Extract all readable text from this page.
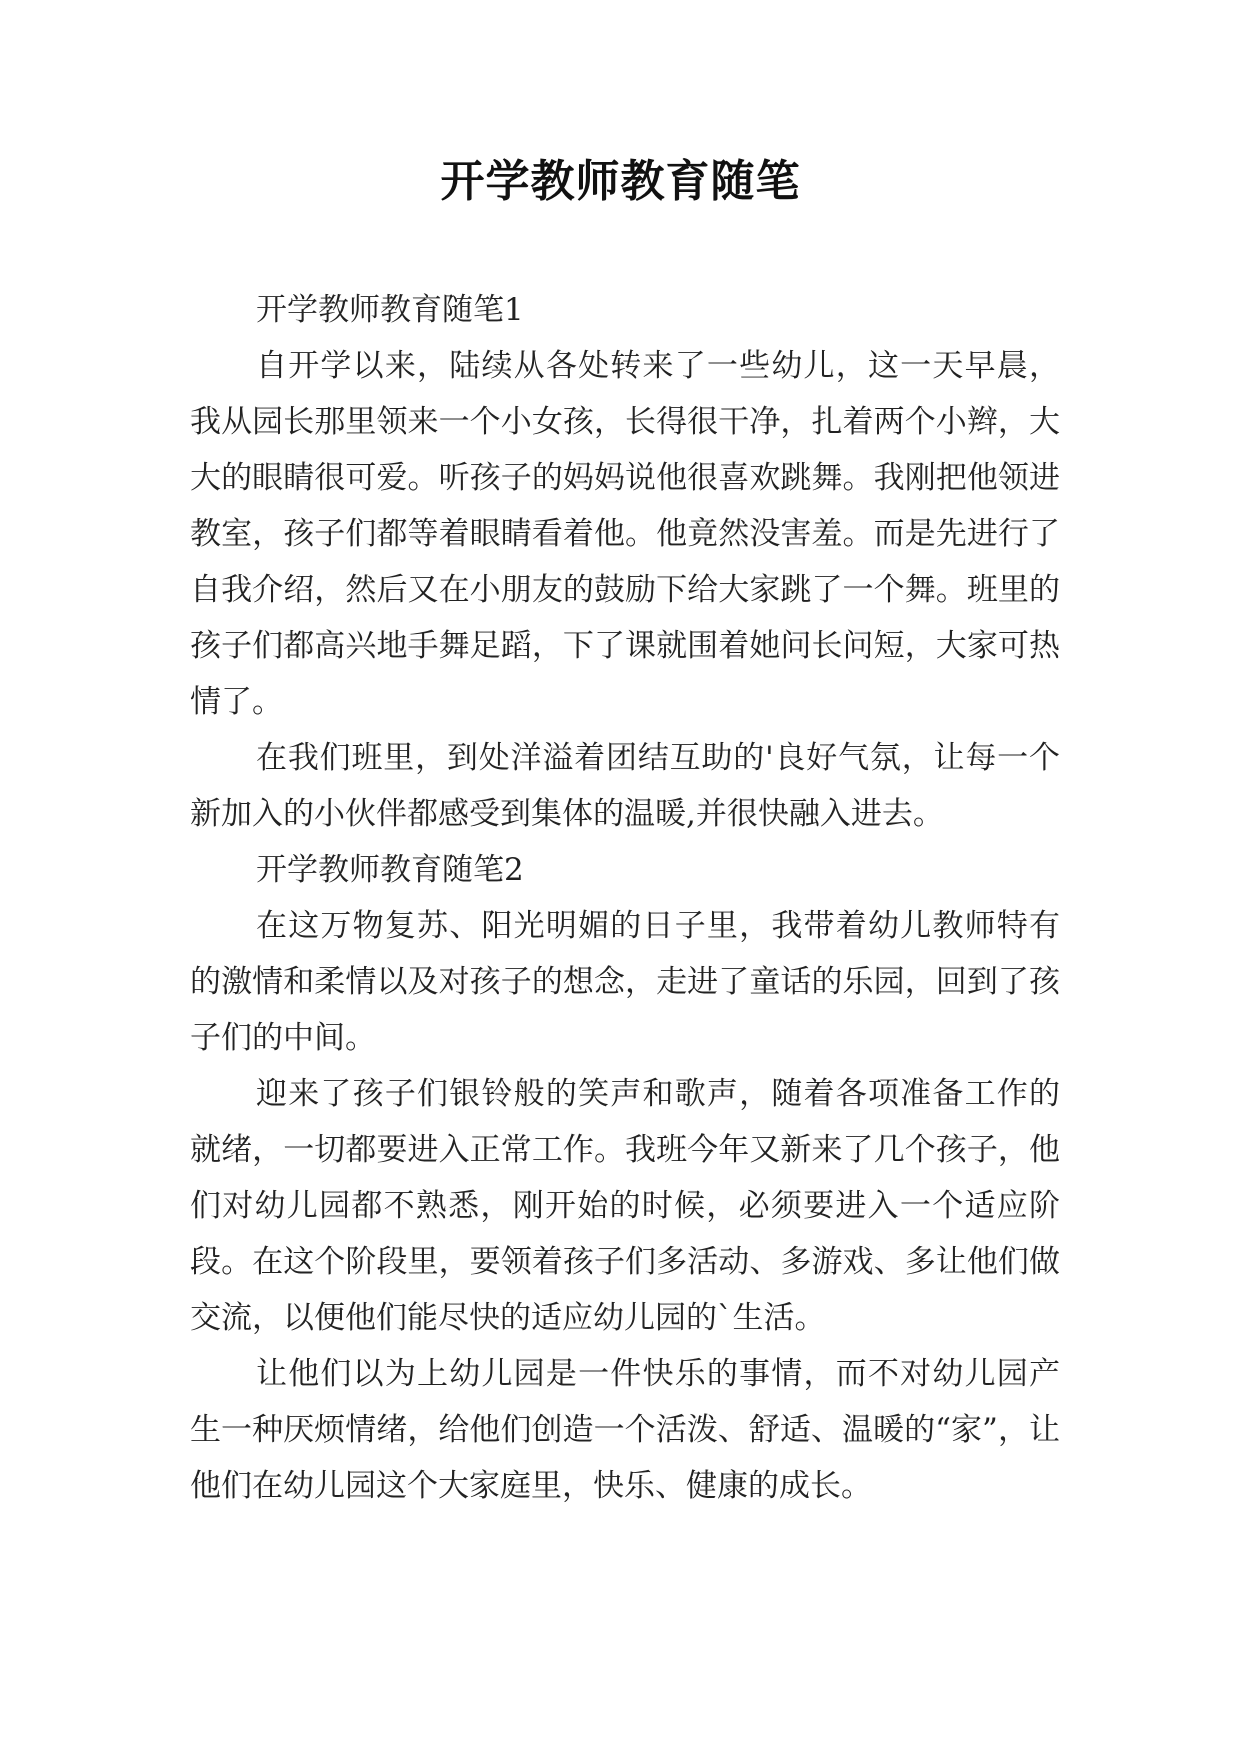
开学教师教育随笔

开学教师教育随笔1

自开学以来，陆续从各处转来了一些幼儿，这一天早晨，我从园长那里领来一个小女孩，长得很干净，扎着两个小辫，大大的眼睛很可爱。听孩子的妈妈说他很喜欢跳舞。我刚把他领进教室，孩子们都等着眼睛看着他。他竟然没害羞。而是先进行了自我介绍，然后又在小朋友的鼓励下给大家跳了一个舞。班里的孩子们都高兴地手舞足蹈，下了课就围着她问长问短，大家可热情了。

在我们班里，到处洋溢着团结互助的'良好气氛，让每一个新加入的小伙伴都感受到集体的温暖,并很快融入进去。

开学教师教育随笔2

在这万物复苏、阳光明媚的日子里，我带着幼儿教师特有的激情和柔情以及对孩子的想念，走进了童话的乐园，回到了孩子们的中间。

迎来了孩子们银铃般的笑声和歌声，随着各项准备工作的就绪，一切都要进入正常工作。我班今年又新来了几个孩子，他们对幼儿园都不熟悉，刚开始的时候，必须要进入一个适应阶段。在这个阶段里，要领着孩子们多活动、多游戏、多让他们做交流，以便他们能尽快的适应幼儿园的`生活。

让他们以为上幼儿园是一件快乐的事情，而不对幼儿园产生一种厌烦情绪，给他们创造一个活泼、舒适、温暖的“家”，让他们在幼儿园这个大家庭里，快乐、健康的成长。
